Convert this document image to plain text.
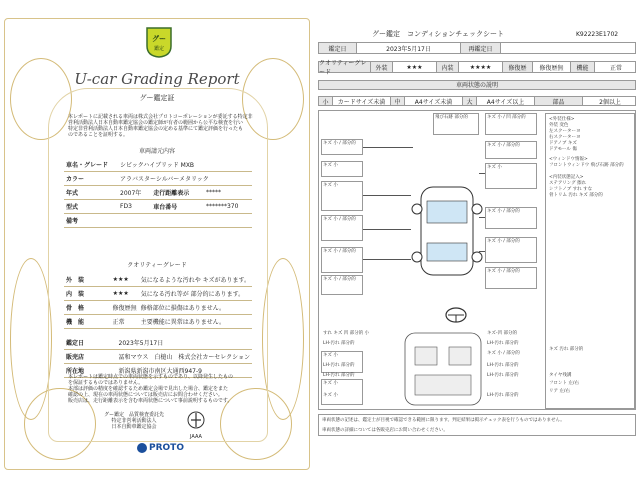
グー
鑑定
U-car Grading Report
グー鑑定証
本レポートに記載される車両は株式会社プロトコーポレーションが委託する特定非
営利活動法人日本自動車鑑定協会の鑑定師が有者の範囲から公平な検査を行い
特定非営利活動法人日本自動車鑑定協会の定める基準にて鑑定評価を行ったも
のであることを証明する。
車両請元内容
車名・グレード	シビックハイブリッド MXB		
カラー	アラバスターシルバーメタリック		
年式	2007年	走行距離表示	*****
型式	FD3	車台番号	*******370
備考			
クオリティーグレード
外　装	★★★	気になるような汚れや キズがあります。
内　装	★★★	気になる汚れ等が 部分的にあります。
骨　格	修復歴無	修格部位に損傷はありません。
機　能	正常	主要機能に異常はありません。
鑑定日	2023年5月17日
販売店	冨和マウス　白槌山　株式会社カーセレクション
所在地	新潟県新潟市南区大通西947-9
本レポートは鑑定時点での車両状態を示すものであり、以降発生したもの
を保証するものではありません。
本部は評価の精度を確認するため鑑定会場で見出した場合、鑑定をまた
確認の上、現在の車両状態については販売店にお問合わせください。
販売店は、走行距離表示を含む車両状態について事前説明するものです。
グー鑑定　品質検査委託先
特定非営利活動法人
日本自動車鑑定協会
JAAA
PROTO
グー鑑定　コンディションチェックシート	K92223E1702
鑑定日	2023年5月17日	再鑑定日
クオリティーグレード
外装	★★★	内装	★★★★	修復歴	修復歴無	機能	正常
車両状態の説明
小	カードサイズ未満	中	A4サイズ未満	大	A4サイズ以上	部品	2個以上
キズ 小 / 部分的
キズ 小
キズ 小
キズ 小 / 部分的
キズ 小 / 部分的
キズ 小 / 部分的
キズ 小
キズ 小
キズ 小
飛び石跡 部分的	キズ 小 / 凹 部分的
キズ 小 / 部分的
キズ 小
キズ 小 / 部分的
キズ 小 / 部分的
キズ 小 / 部分的
キズ 小 / 部分的
すれ キズ 凹 部分的 小
LH-汚れ 部分的
LH-汚れ 部分的
LH-汚れ 部分的
キズ-凹 部分的
LH-汚れ 部分的
LH-汚れ 部分的
LH-汚れ 部分的
LH-汚れ 部分的
<外装仕様>
外装 変色
左スクーターヨ
右スクーターヨ
ドアノブ キズ
ドアモール 傷
<ウィンドウ情報>
フロントウィンドウ 飛び石跡 部分的
<内装状態記入>
ステアリング 擦れ
シフトノブ すれ すな
骨トリム 汚れ キズ 部分的
キズ 汚れ 部分的
タイヤ残溝
フロント 左/右
リア 左/右
車両状態の記述は、鑑定士が目視で確認できる範囲に限ります。判定結果は掲示チェック表を行うものではありません。
車両状態の詳細については各販売店にお問い合わせください。
